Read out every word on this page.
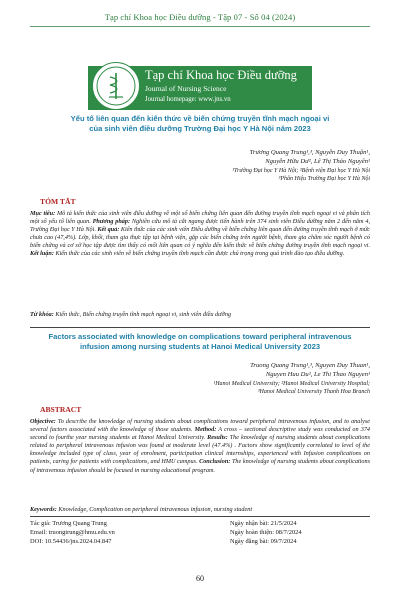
Tạp chí Khoa học Điều dưỡng - Tập 07 - Số 04 (2024)
Tạp chí Khoa học Điều dưỡng
Journal of Nursing Science
Journal homepage: www.jns.vn
Yếu tố liên quan đến kiến thức về biến chứng truyền tĩnh mạch ngoại vi
của sinh viên điều dưỡng Trường Đại học Y Hà Nội năm 2023
Trương Quang Trung¹,³, Nguyễn Duy Thuận¹,
Nguyễn Hữu Dư², Lê Thị Thảo Nguyên¹
¹Trường Đại học Y Hà Nội; ²Bệnh viện Đại học Y Hà Nội
³Phân Hiệu Trường Đại học Y Hà Nội
TÓM TẮT
Mục tiêu: Mô tả kiến thức của sinh viên điều dưỡng về một số biến chứng liên quan đến đường truyền tĩnh mạch ngoại vi và phân tích một số yếu tố liên quan. Phương pháp: Nghiên cứu mô tả cắt ngang được tiến hành trên 374 sinh viên Điều dưỡng năm 2 đến năm 4, Trường Đại học Y Hà Nội. Kết quả: Kiến thức của các sinh viên Điều dưỡng về biến chứng liên quan đến đường truyền tĩnh mạch ở mức chưa cao (47,4%). Lớp, khối, tham gia thực tập tại bệnh viện, gặp các biến chứng trên người bệnh, tham gia chăm sóc người bệnh có biến chứng và cơ sở học tập được tìm thấy có mối liên quan có ý nghĩa đến kiến thức về biến chứng đường truyền tĩnh mạch ngoại vi. Kết luận: Kiến thức của các sinh viên về biến chứng truyền tĩnh mạch cần được chú trọng trong quá trình đào tạo điều dưỡng.
Từ khóa: Kiến thức, Biến chứng truyền tĩnh mạch ngoại vi, sinh viên điều dưỡng
Factors associated with knowledge on complications toward peripheral intravenous
infusion among nursing students at Hanoi Medical University 2023
Truong Quang Trung¹,³, Nguyen Duy Thuan¹,
Nguyen Huu Du², Le Thi Thao Nguyen¹
¹Hanoi Medical University; ²Hanoi Medical University Hospital;
³Hanoi Medical University Thanh Hoa Branch
ABSTRACT
Objective: To describe the knowledge of nursing students about complications toward peripheral intravenous infusion, and to analyse several factors associated with the knowledge of those students. Method: A cross – sectional descriptive study was conducted on 374 second to fourthe year nursing students at Hanoi Medical University. Results: The knowledge of nursing students about complications related to peripheral intravenous infusion was found at moderate level (47.4%) . Factors show significantly correlated to level of the knowledge included type of class, year of enrolment, participation clinical internships, experienced with Infusion complications on patients, caring for patients with complications, and HMU campus. Conclusion: The knowledge of nursing students about complications of intravenous infusion should be focused in nursing educational program.
Keywords: Knowledge, Complication on peripheral intravenous infusion, nursing student
Tác giả: Trương Quang Trung
Email: truongtrung@hmu.edu.vn
DOI: 10.54436/jns.2024.04.847
Ngày nhận bài: 21/5/2024
Ngày hoàn thiện: 08/7/2024
Ngày đăng bài: 09/7/2024
60
